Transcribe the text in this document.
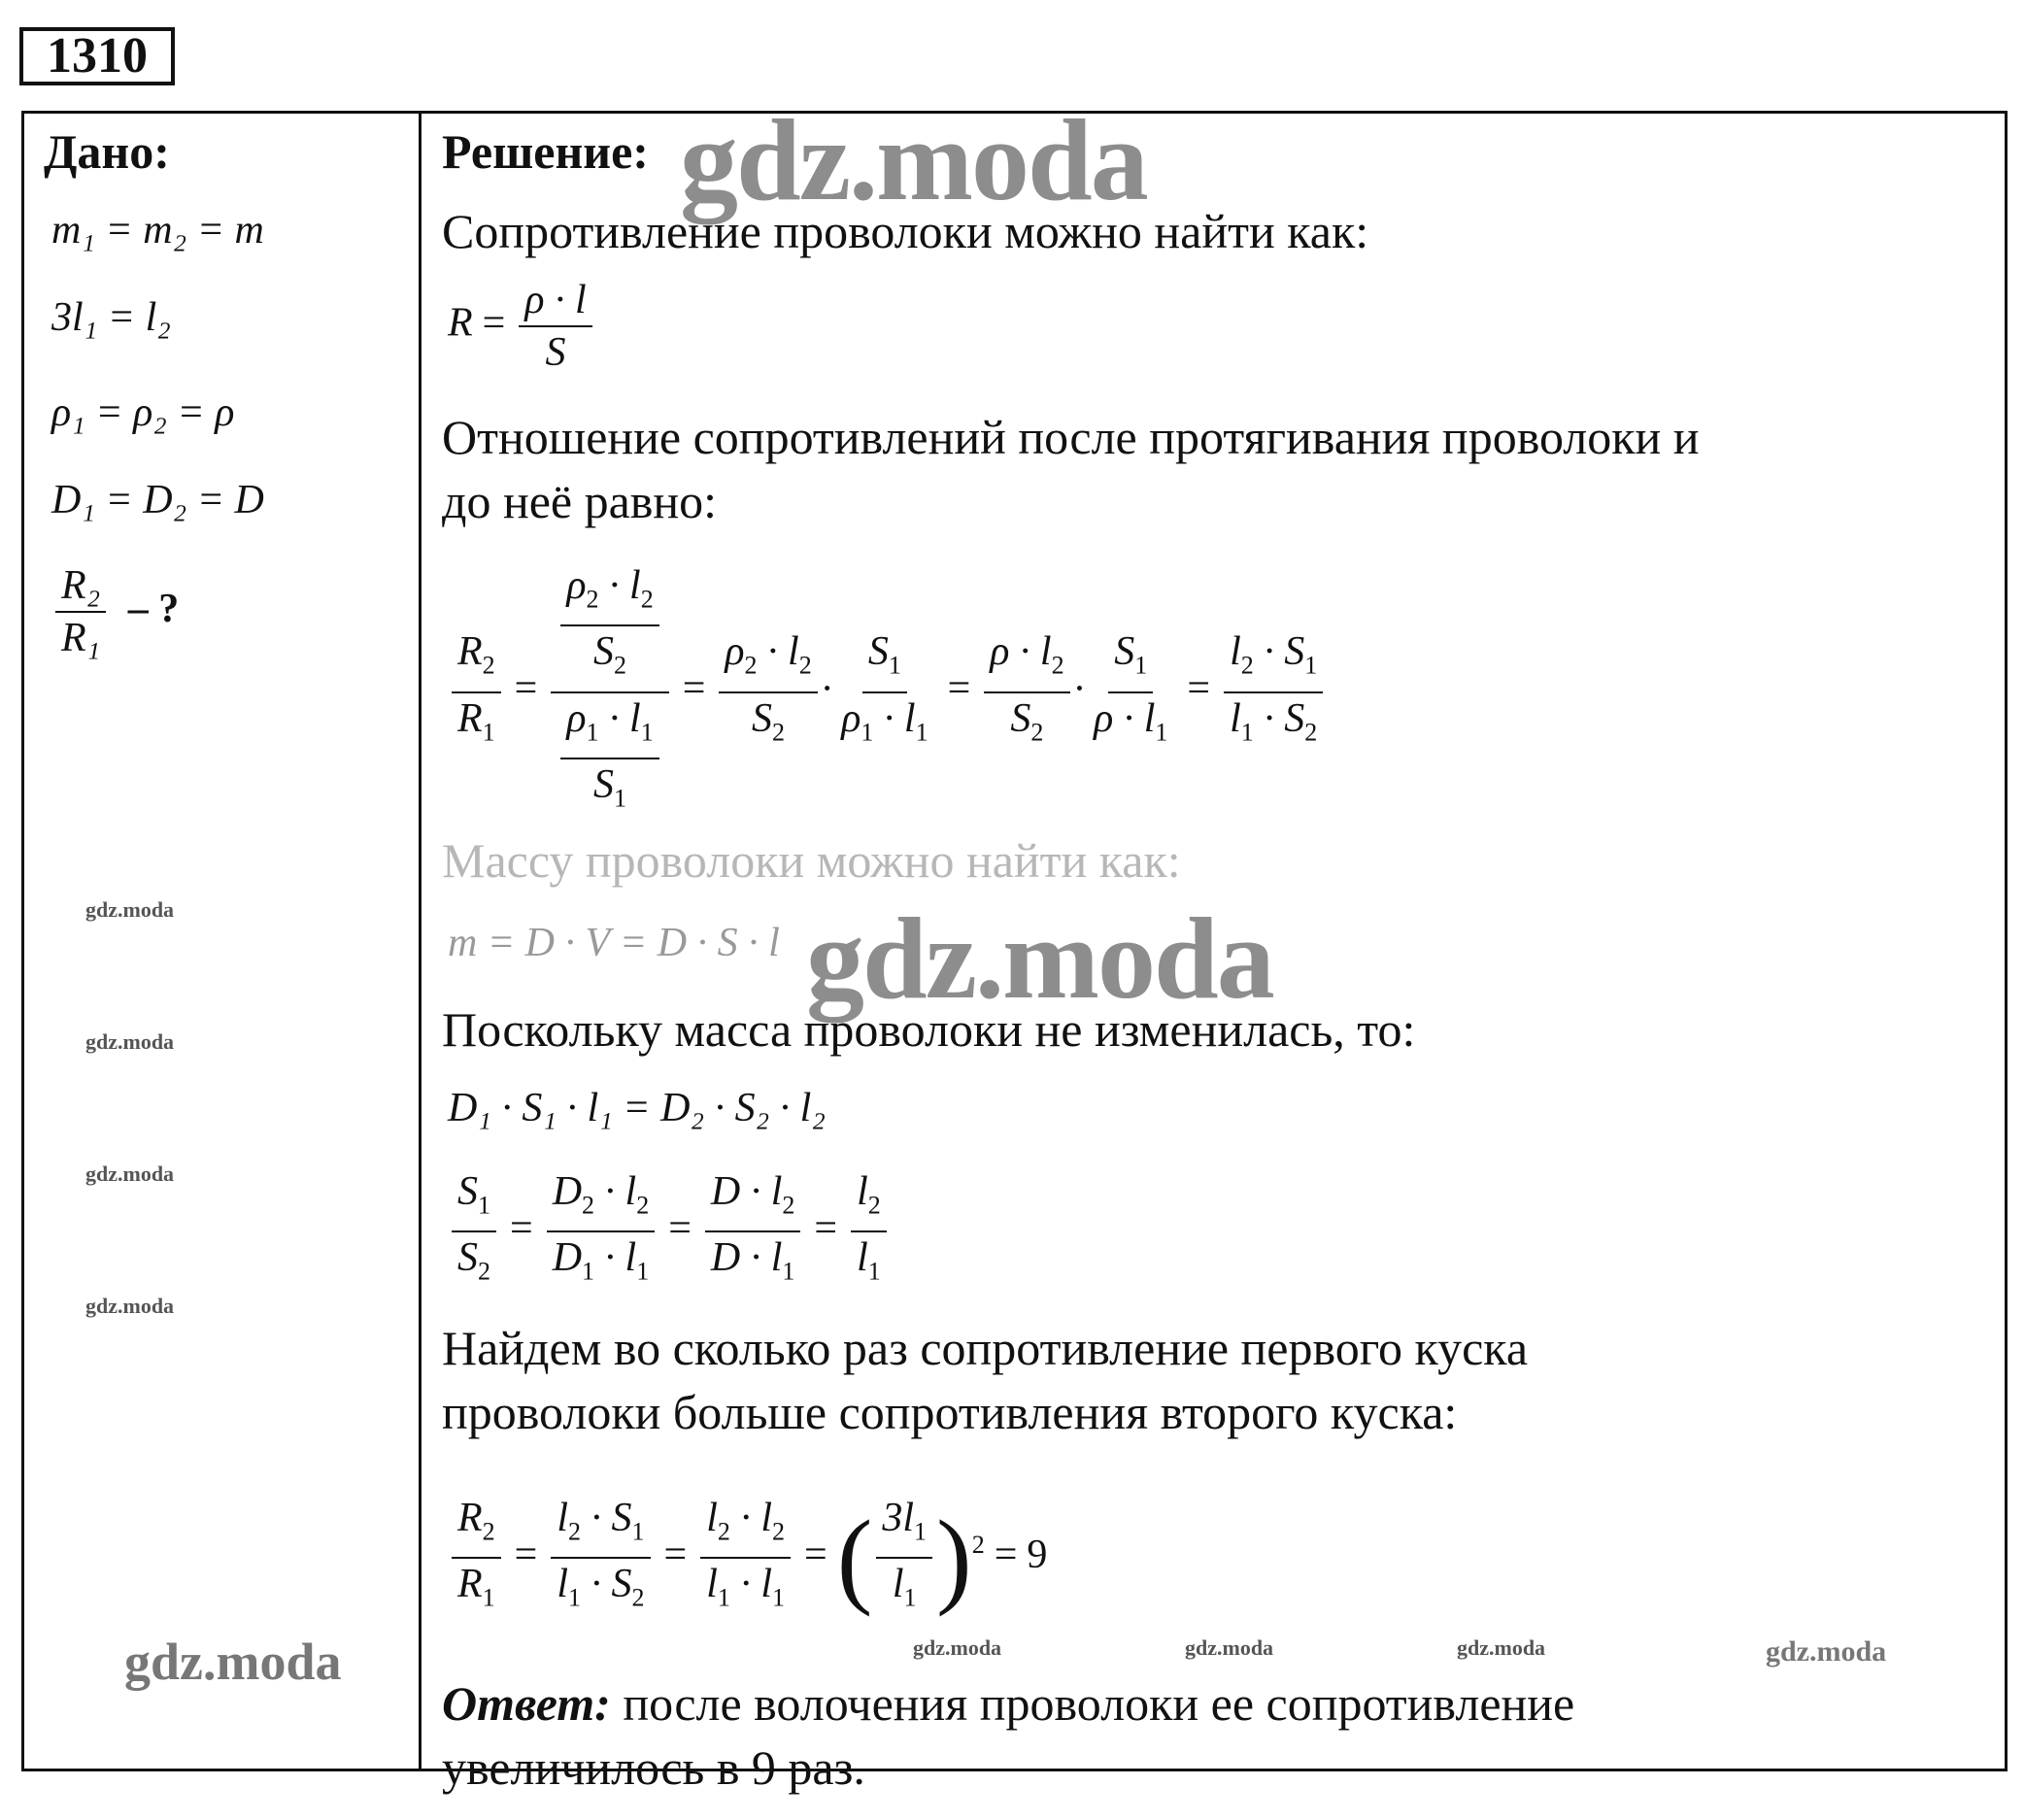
1310
Дано:
m₁ = m₂ = m
3l₁ = l₂
ρ₁ = ρ₂ = ρ
D₁ = D₂ = D
$\frac{\text{R₂}}{\text{R₁}}$ – ?
Решение:
Сопротивление проволоки можно найти как:
$R = \frac{\rho \cdot l}{S}$
Отношение сопротивлений после протягивания проволоки и
до неё равно:
$\frac{R_2}{R_1} = \frac{\frac{\rho_2 \cdot l_2}{S_2}}{\frac{\rho_1 \cdot l_1}{S_1}} = \frac{\rho_2 \cdot l_2}{S_2} \cdot \frac{S_1}{\rho_1 \cdot l_1} = \frac{\rho \cdot l_2}{S_2} \cdot \frac{S_1}{\rho \cdot l_1} = \frac{l_2 \cdot S_1}{l_1 \cdot S_2}$
Массу проволоки можно найти как:
m = D · V = D · S · l
Поскольку масса проволоки не изменилась, то:
D₁ · S₁ · l₁ = D₂ · S₂ · l₂
$\frac{S_1}{S_2} = \frac{D_2 \cdot l_2}{D_1 \cdot l_1} = \frac{D \cdot l_2}{D \cdot l_1} = \frac{l_2}{l_1}$
Найдем во сколько раз сопротивление первого куска
проволоки больше сопротивления второго куска:
$\frac{R_2}{R_1} = \frac{l_2 \cdot S_1}{l_1 \cdot S_2} = \frac{l_2 \cdot l_2}{l_1 \cdot l_1}$ =( $\frac{3l_1}{l_1} )^2 = 9$
Ответ: после волочения проволоки ее сопротивление
увеличилось в 9 раз.
gdz.moda
gdz.moda
gdz.moda
gdz.moda
gdz.moda
gdz.moda
gdz.moda
gdz.moda	gdz.moda	gdz.moda	gdz.moda
